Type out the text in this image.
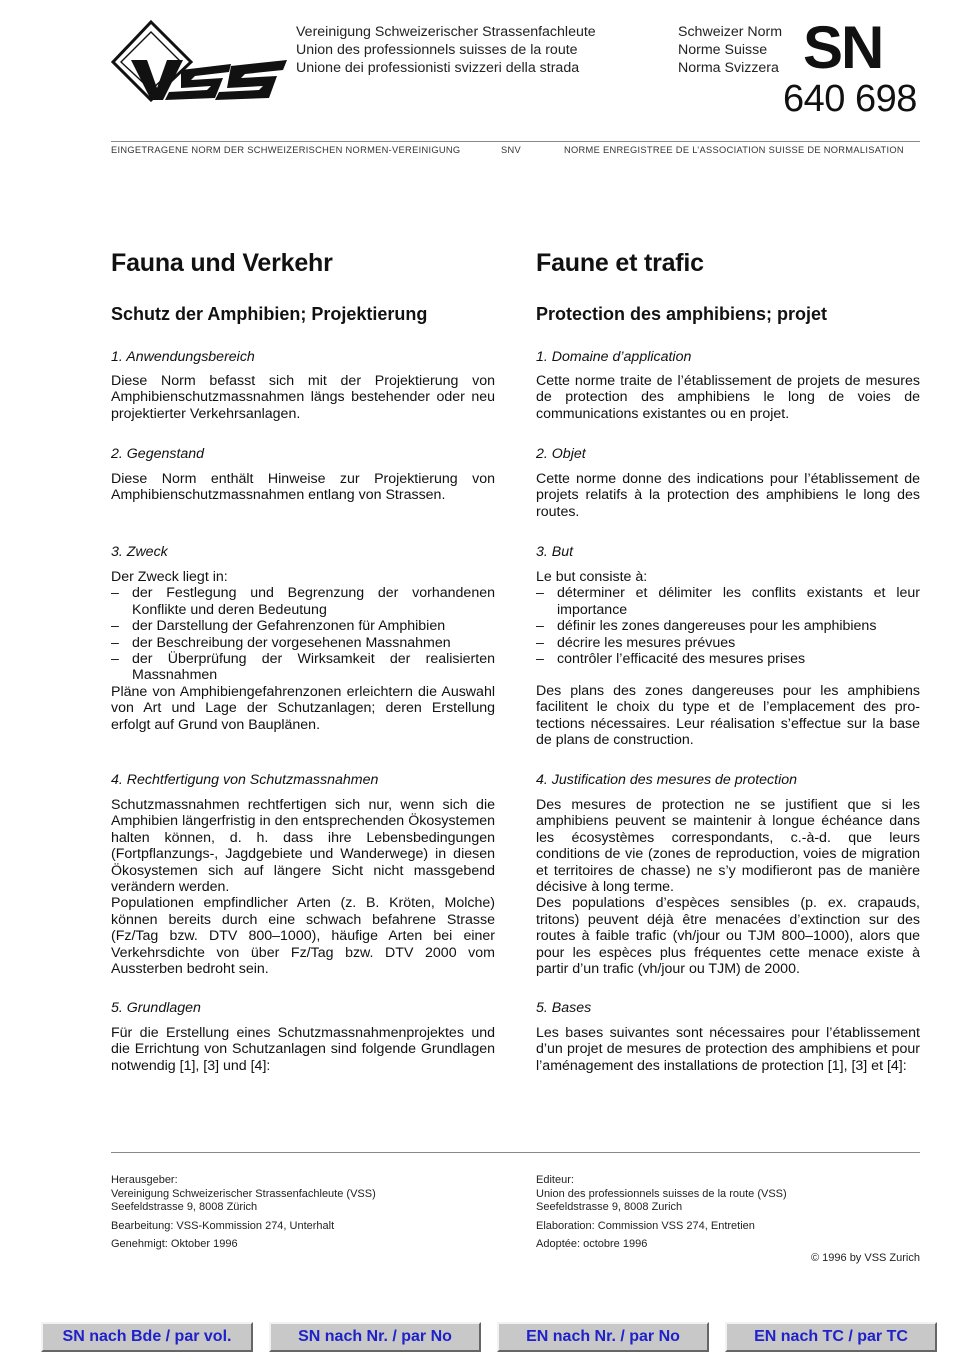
Vereinigung Schweizerischer Strassenfachleute
Union des professionnels suisses de la route
Unione dei professionisti svizzeri della strada
Schweizer Norm
Norme Suisse
Norma Svizzera SN
640 698
EINGETRAGENE NORM DER SCHWEIZERISCHEN NORMEN-VEREINIGUNG	SNV	NORME ENREGISTREE DE L’ASSOCIATION SUISSE DE NORMALISATION
Fauna und Verkehr
Schutz der Amphibien; Projektierung
1. Anwendungsbereich

Diese Norm befasst sich mit der Projektierung von Amphibienschutzmassnahmen längs bestehender oder neu projektierter Verkehrsanlagen.

2. Gegenstand

Diese Norm enthält Hinweise zur Projektierung von Amphibienschutzmassnahmen entlang von Strassen.

3. Zweck

Der Zweck liegt in:

– der Festlegung und Begrenzung der vorhandenen Konflikte und deren Bedeutung
– der Darstellung der Gefahrenzonen für Amphibien
– der Beschreibung der vorgesehenen Massnahmen
– der Überprüfung der Wirksamkeit der realisierten Massnahmen

Pläne von Amphibiengefahrenzonen erleichtern die Auswahl von Art und Lage der Schutzanlagen; deren Erstellung erfolgt auf Grund von Bauplänen.

4. Rechtfertigung von Schutzmassnahmen

Schutzmassnahmen rechtfertigen sich nur, wenn sich die Amphibien längerfristig in den entsprechenden Ökosystemen halten können, d. h. dass ihre Lebensbedingungen (Fortpflanzungs-, Jagdgebiete und Wanderwege) in diesen Ökosystemen sich auf längere Sicht nicht massgebend verändern werden.

Populationen empfindlicher Arten (z. B. Kröten, Molche) können bereits durch eine schwach befahrene Strasse (Fz/Tag bzw. DTV 800–1000), häufige Arten bei einer Verkehrsdichte von über Fz/Tag bzw. DTV 2000 vom Aussterben bedroht sein.

5. Grundlagen

Für die Erstellung eines Schutzmassnahmenprojektes und die Errichtung von Schutzanlagen sind folgende Grundlagen notwendig [1], [3] und [4]:

Faune et trafic
Protection des amphibiens; projet
1. Domaine d’application

Cette norme traite de l’établissement de projets de mesures de protection des amphibiens le long de voies de communications existantes ou en projet.

2. Objet

Cette norme donne des indications pour l’établissement de projets relatifs à la protection des amphibiens le long des routes.

3. But

Le but consiste à:

– déterminer et délimiter les conflits existants et leur importance
– définir les zones dangereuses pour les amphibiens
– décrire les mesures prévues
– contrôler l’efficacité des mesures prises

Des plans des zones dangereuses pour les amphibiens facilitent le choix du type et de l’emplacement des protections nécessaires. Leur réalisation s’effectue sur la base de plans de construction.

4. Justification des mesures de protection

Des mesures de protection ne se justifient que si les amphibiens peuvent se maintenir à longue échéance dans les écosystèmes correspondants, c.-à-d. que leurs conditions de vie (zones de reproduction, voies de migration et territoires de chasse) ne s’y modifieront pas de manière décisive à long terme.

Des populations d’espèces sensibles (p. ex. crapauds, tritons) peuvent déjà être menacées d’extinction sur des routes à faible trafic (vh/jour ou TJM 800–1000), alors que pour les espèces plus fréquentes cette menace existe à partir d’un trafic (vh/jour ou TJM) de 2000.

5. Bases

Les bases suivantes sont nécessaires pour l’établissement d’un projet de mesures de protection des amphibiens et pour l’aménagement des installations de protection [1], [3] et [4]:

Herausgeber:
Vereinigung Schweizerischer Strassenfachleute (VSS)
Seefeldstrasse 9, 8008 Zürich
Bearbeitung: VSS-Kommission 274, Unterhalt
Genehmigt: Oktober 1996
Editeur:
Union des professionnels suisses de la route (VSS)
Seefeldstrasse 9, 8008 Zurich
Elaboration: Commission VSS 274, Entretien
Adoptée: octobre 1996
© 1996 by VSS Zurich
SN nach Bde / par vol.	SN nach Nr. / par No	EN nach Nr. / par No	EN nach TC / par TC
